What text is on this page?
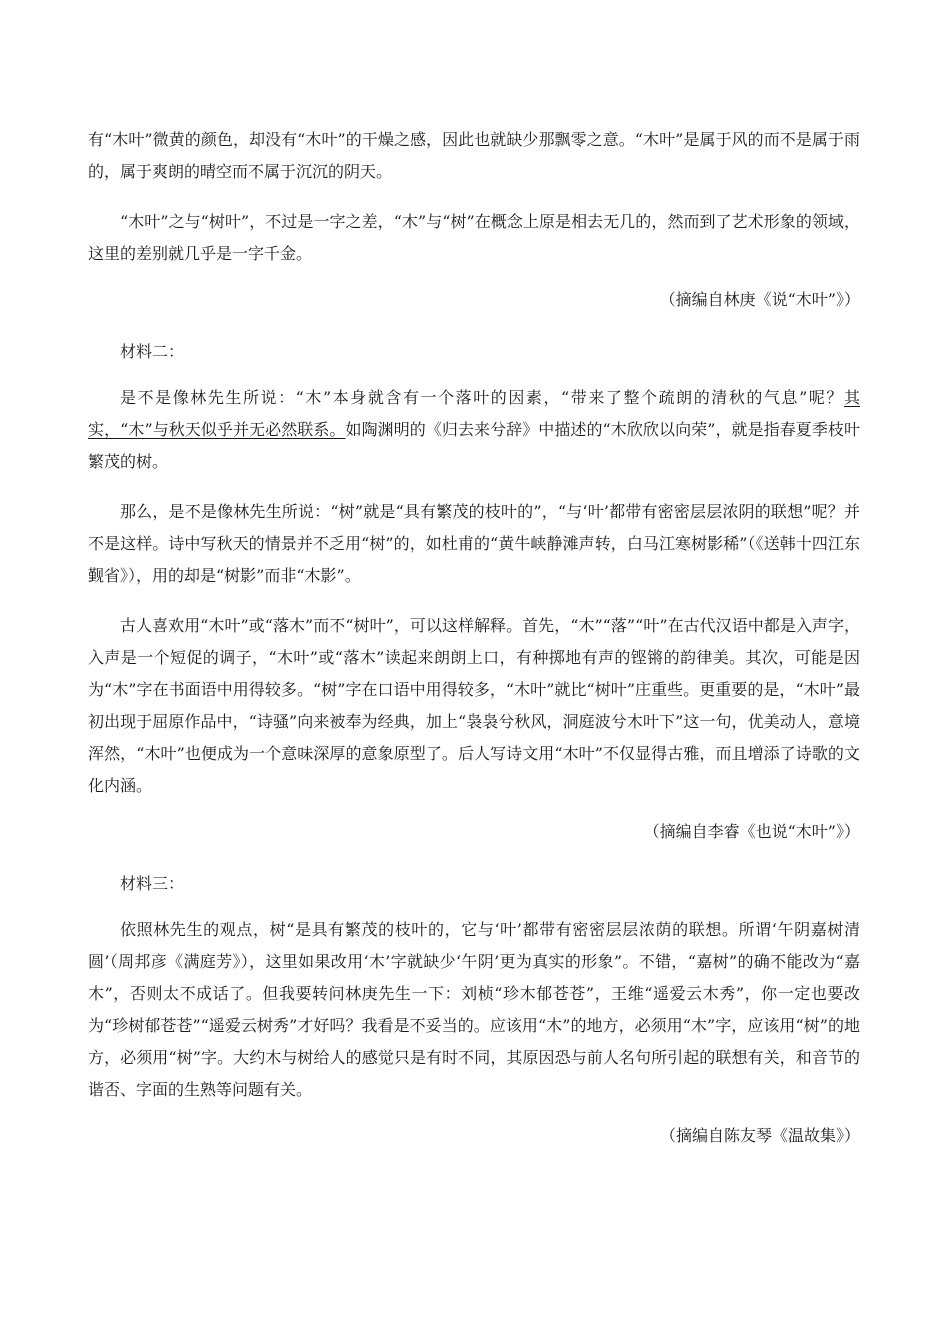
有“木叶”微黄的颜色，却没有“木叶”的干燥之感，因此也就缺少那飘零之意。“木叶”是属于风的而不是属于雨的，属于爽朗的晴空而不属于沉沉的阴天。

“木叶”之与“树叶”，不过是一字之差，“木”与“树”在概念上原是相去无几的，然而到了艺术形象的领域，这里的差别就几乎是一字千金。

（摘编自林庚《说“木叶”》）

材料二：

是不是像林先生所说：“木”本身就含有一个落叶的因素，“带来了整个疏朗的清秋的气息”呢？其实，“木”与秋天似乎并无必然联系。如陶渊明的《归去来兮辞》中描述的“木欣欣以向荣”，就是指春夏季枝叶繁茂的树。

那么，是不是像林先生所说：“树”就是“具有繁茂的枝叶的”，“与‘叶’都带有密密层层浓阴的联想”呢？并不是这样。诗中写秋天的情景并不乏用“树”的，如杜甫的“黄牛峡静滩声转，白马江寒树影稀”（《送韩十四江东觐省》），用的却是“树影”而非“木影”。

古人喜欢用“木叶”或“落木”而不“树叶”，可以这样解释。首先，“木”“落”“叶”在古代汉语中都是入声字，入声是一个短促的调子，“木叶”或“落木”读起来朗朗上口，有种掷地有声的铿锵的韵律美。其次，可能是因为“木”字在书面语中用得较多。“树”字在口语中用得较多，“木叶”就比“树叶”庄重些。更重要的是，“木叶”最初出现于屈原作品中，“诗骚”向来被奉为经典，加上“袅袅兮秋风，洞庭波兮木叶下”这一句，优美动人，意境浑然，“木叶”也便成为一个意味深厚的意象原型了。后人写诗文用“木叶”不仅显得古雅，而且增添了诗歌的文化内涵。

（摘编自李睿《也说“木叶”》）

材料三：

依照林先生的观点，树“是具有繁茂的枝叶的，它与‘叶’都带有密密层层浓荫的联想。所谓‘午阴嘉树清圆’（周邦彦《满庭芳》），这里如果改用‘木’字就缺少‘午阴’更为真实的形象”。不错，“嘉树”的确不能改为“嘉木”，否则太不成话了。但我要转问林庚先生一下：刘桢“珍木郁苍苍”，王维“遥爱云木秀”，你一定也要改为“珍树郁苍苍”“遥爱云树秀”才好吗？我看是不妥当的。应该用“木”的地方，必须用“木”字，应该用“树”的地方，必须用“树”字。大约木与树给人的感觉只是有时不同，其原因恐与前人名句所引起的联想有关，和音节的谐否、字面的生熟等问题有关。

（摘编自陈友琴《温故集》）
